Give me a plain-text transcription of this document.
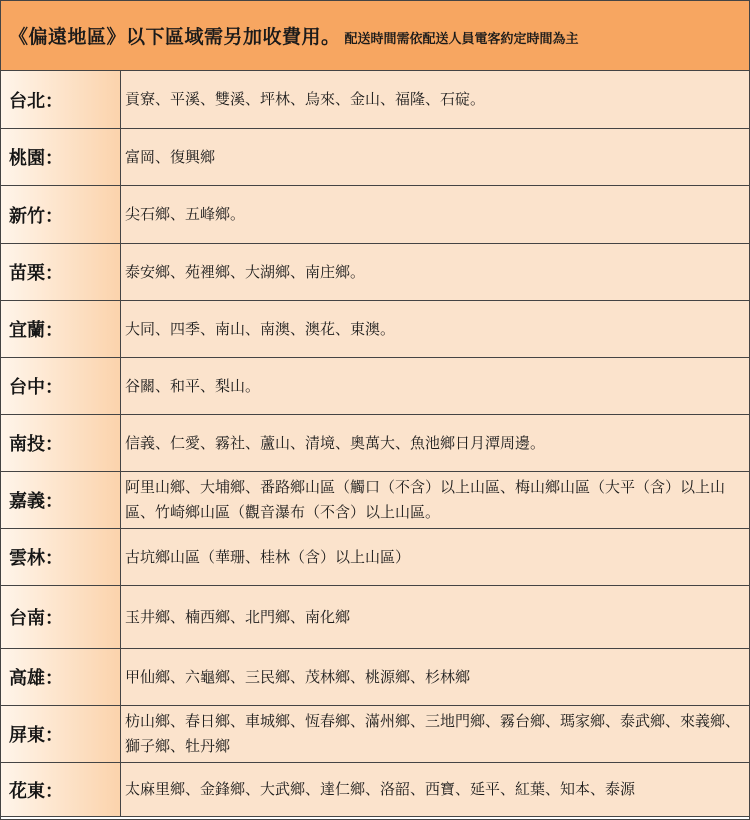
《偏遠地區》以下區域需另加收費用。 配送時間需依配送人員電客約定時間為主
台北：	貢寮、平溪、雙溪、坪林、烏來、金山、福隆、石碇。
桃園：	富岡、復興鄉
新竹：	尖石鄉、五峰鄉。
苗栗：	泰安鄉、苑裡鄉、大湖鄉、南庄鄉。
宜蘭：	大同、四季、南山、南澳、澳花、東澳。
台中：	谷關、和平、梨山。
南投：	信義、仁愛、霧社、蘆山、清境、奧萬大、魚池鄉日月潭周邊。
嘉義：	阿里山鄉、大埔鄉、番路鄉山區（觸口（不含）以上山區、梅山鄉山區（大平（含）以上山區、竹崎鄉山區（觀音瀑布（不含）以上山區。
雲林：	古坑鄉山區（華珊、桂林（含）以上山區）
台南：	玉井鄉、楠西鄉、北門鄉、南化鄉
高雄：	甲仙鄉、六龜鄉、三民鄉、茂林鄉、桃源鄉、杉林鄉
屏東：	枋山鄉、春日鄉、車城鄉、恆春鄉、滿州鄉、三地門鄉、霧台鄉、瑪家鄉、泰武鄉、來義鄉、獅子鄉、牡丹鄉
花東：	太麻里鄉、金鋒鄉、大武鄉、達仁鄉、洛韶、西寶、延平、紅葉、知本、泰源
